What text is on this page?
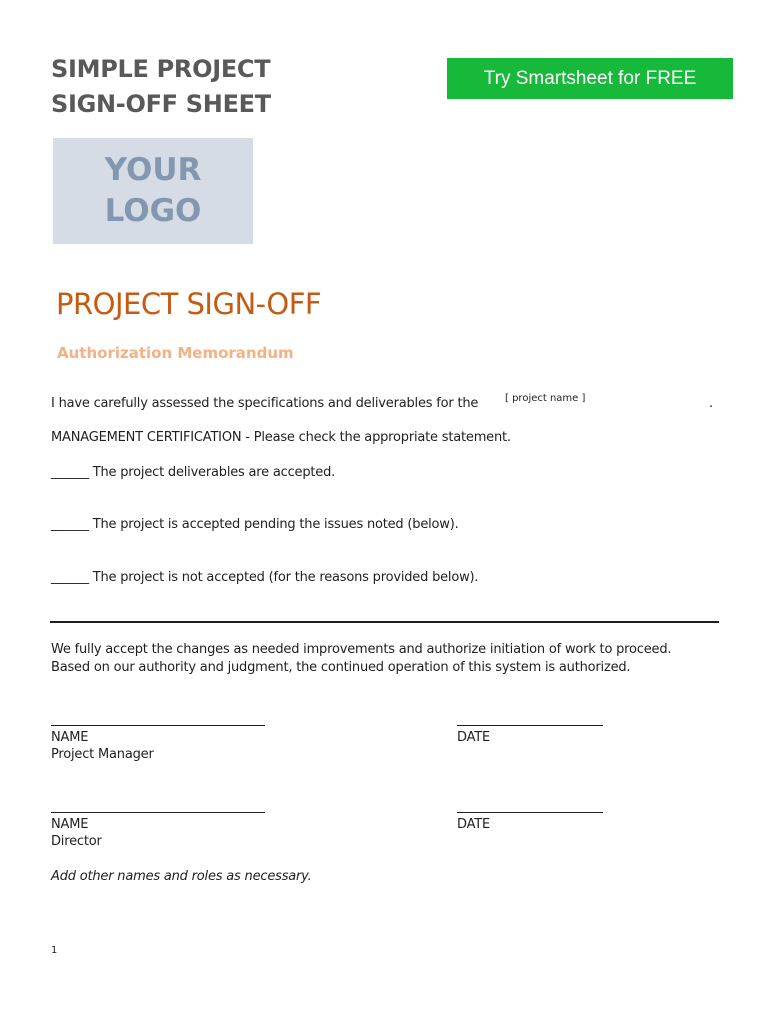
SIMPLE PROJECT
SIGN-OFF SHEET
Try Smartsheet for FREE
YOUR
LOGO
PROJECT SIGN-OFF
Authorization Memorandum
I have carefully assessed the specifications and deliverables for the	[ project name ]	.
MANAGEMENT CERTIFICATION - Please check the appropriate statement.
______ The project deliverables are accepted.
______ The project is accepted pending the issues noted (below).
______ The project is not accepted (for the reasons provided below).
We fully accept the changes as needed improvements and authorize initiation of work to proceed.
Based on our authority and judgment, the continued operation of this system is authorized.
NAME	DATE
Project Manager
NAME	DATE
Director
Add other names and roles as necessary.
1
